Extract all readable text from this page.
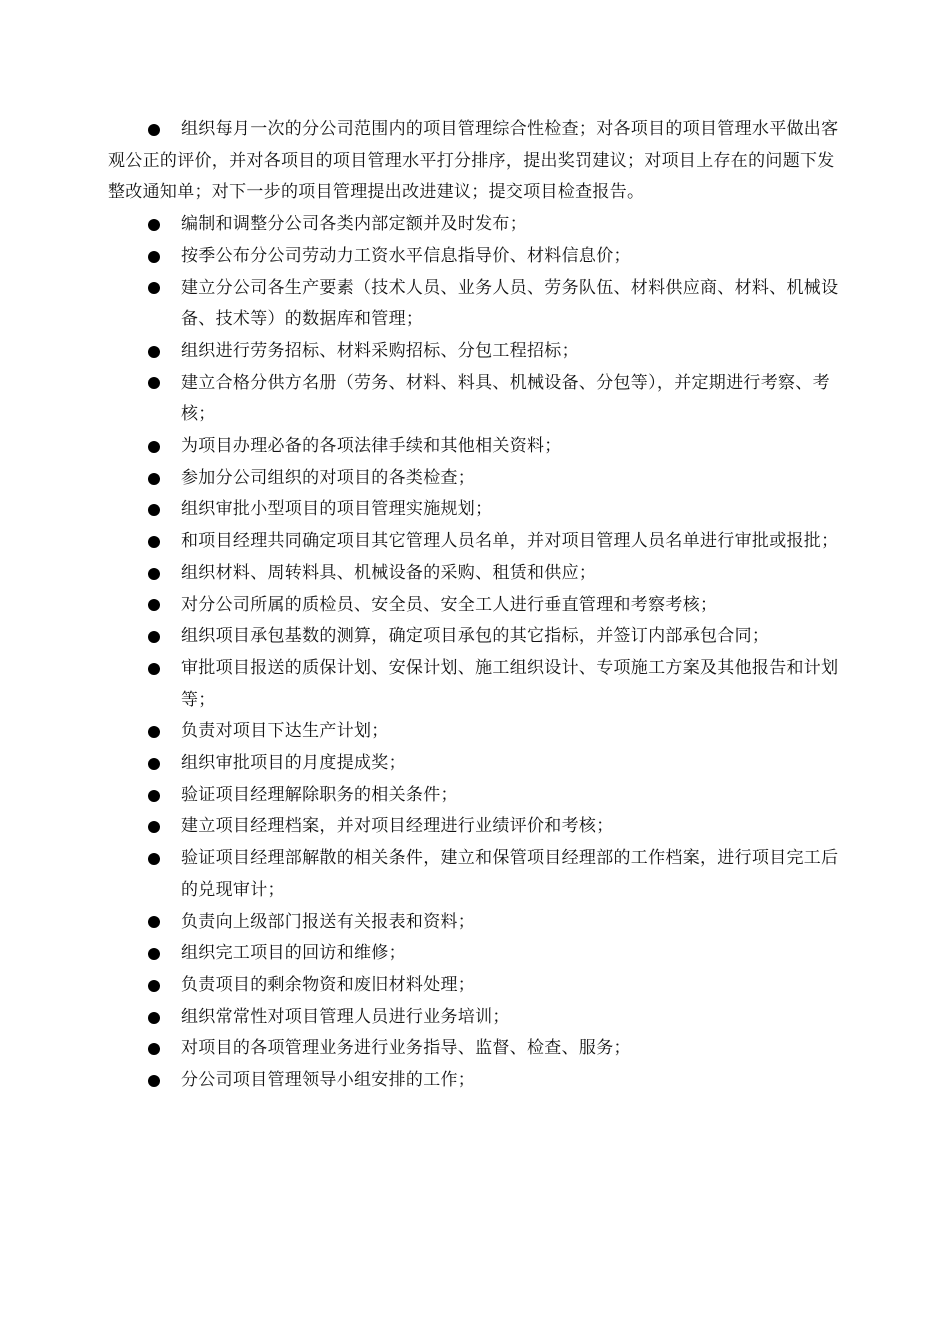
组织每月一次的分公司范围内的项目管理综合性检查；对各项目的项目管理水平做出客观公正的评价，并对各项目的项目管理水平打分排序，提出奖罚建议；对项目上存在的问题下发整改通知单；对下一步的项目管理提出改进建议；提交项目检查报告。
编制和调整分公司各类内部定额并及时发布；
按季公布分公司劳动力工资水平信息指导价、材料信息价；
建立分公司各生产要素（技术人员、业务人员、劳务队伍、材料供应商、材料、机械设备、技术等）的数据库和管理；
组织进行劳务招标、材料采购招标、分包工程招标；
建立合格分供方名册（劳务、材料、料具、机械设备、分包等），并定期进行考察、考核；
为项目办理必备的各项法律手续和其他相关资料；
参加分公司组织的对项目的各类检查；
组织审批小型项目的项目管理实施规划；
和项目经理共同确定项目其它管理人员名单，并对项目管理人员名单进行审批或报批；
组织材料、周转料具、机械设备的采购、租赁和供应；
对分公司所属的质检员、安全员、安全工人进行垂直管理和考察考核；
组织项目承包基数的测算，确定项目承包的其它指标，并签订内部承包合同；
审批项目报送的质保计划、安保计划、施工组织设计、专项施工方案及其他报告和计划等；
负责对项目下达生产计划；
组织审批项目的月度提成奖；
验证项目经理解除职务的相关条件；
建立项目经理档案，并对项目经理进行业绩评价和考核；
验证项目经理部解散的相关条件，建立和保管项目经理部的工作档案，进行项目完工后的兑现审计；
负责向上级部门报送有关报表和资料；
组织完工项目的回访和维修；
负责项目的剩余物资和废旧材料处理；
组织常常性对项目管理人员进行业务培训；
对项目的各项管理业务进行业务指导、监督、检查、服务；
分公司项目管理领导小组安排的工作；
